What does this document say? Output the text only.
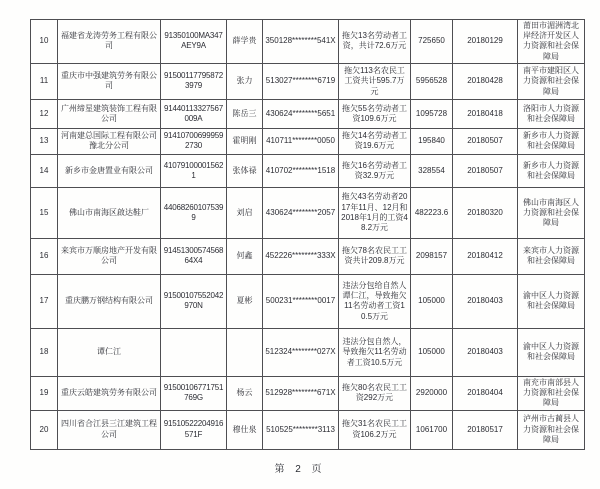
10	福建省龙涛劳务工程有限公司	91350100MA347AEY9A	薛学贵	350128********541X	拖欠13名劳动者工资，共计72.6万元	725650	20180129	莆田市湄洲湾北岸经济开发区人力资源和社会保障局
11	重庆市中强建筑劳务有限公司	915001177958723979	张力	513027********6719	拖欠113名农民工工资共计595.7万元	5956528	20180428	南平市建阳区人力资源和社会保障局
12	广州缔星建筑装饰工程有限公司	91440113327567009A	陈岳三	430624********5651	拖欠55名劳动者工资109.6万元	1095728	20180418	洛阳市人力资源和社会保障局
13	河南建总国际工程有限公司豫北分公司	914107006999592730	霍明刚	410711********0050	拖欠14名劳动者工资19.6万元	195840	20180507	新乡市人力资源和社会保障局
14	新乡市金唐置业有限公司	410791000015621	张体禄	410702********1518	拖欠16名劳动者工资32.9万元	328554	20180507	新乡市人力资源和社会保障局
15	佛山市南海区啟达鞋厂	440682601075399	刘启	430624********2057	拖欠43名劳动者2017年11月、12月和2018年1月的工资48.2万元	482223.6	20180320	佛山市南海区人力资源和社会保障局
16	来宾市万顺房地产开发有限公司	9145130057456864X4	何鑫	452226********333X	拖欠78名农民工工资共计209.8万元	2098157	20180412	来宾市人力资源和社会保障局
17	重庆鹏万钢结构有限公司	91500107552042970N	夏彬	500231********0017	违法分包给自然人谭仁江，导致拖欠11名劳动者工资10.5万元	105000	20180403	渝中区人力资源和社会保障局
18	谭仁江			512324********027X	违法分包自然人，导致拖欠11名劳动者工资10.5万元	105000	20180403	渝中区人力资源和社会保障局
19	重庆云皓建筑劳务有限公司	91500106771751769G	杨云	512928********671X	拖欠80名农民工工资292万元	2920000	20180404	南充市南部县人力资源和社会保障局
20	四川省合江县三江建筑工程公司	91510522204916571F	穆仕泉	510525********3113	拖欠31名农民工工资106.2万元	1061700	20180517	泸州市古蔺县人力资源和社会保障局
第 2 页
